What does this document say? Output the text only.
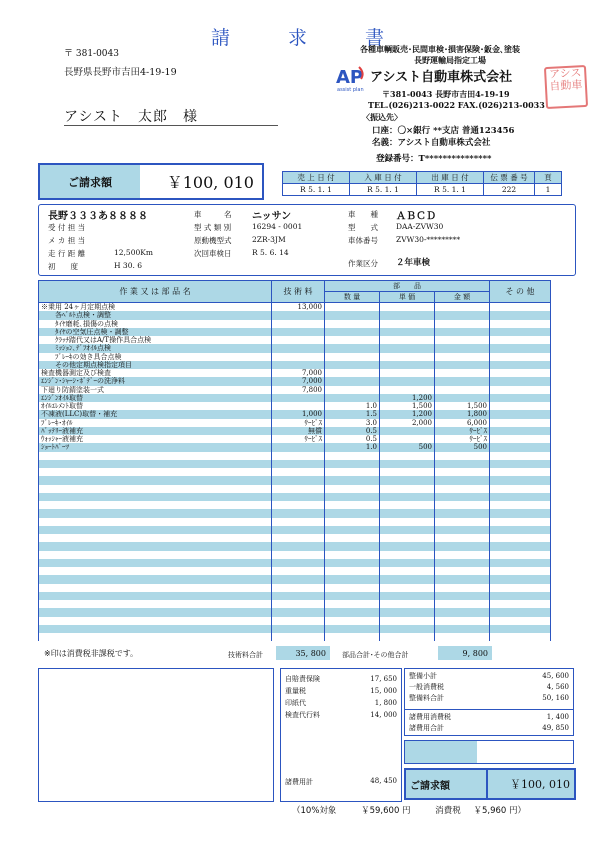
請	求	書
〒 381-0043
長野県長野市吉田4-19-19
アシスト　太郎　様
各種車輌販売･民間車検･損害保険･鈑金､塗装
長野運輸局指定工場
AP
assist plan
アシスト自動車株式会社
〒381-0043 長野市吉田4-19-19
TEL.(026)213-0022 FAX.(026)213-0033
〈振込先〉
口座：〇×銀行 **支店 普通123456
名義：アシスト自動車株式会社
登録番号：T***************
アシス自動車
ご請求額	￥100, 010	売 上 日 付	入 庫 日 付	出 庫 日 付	伝 票 番 号	頁
R 5. 1. 1	R 5. 1. 1	R 5. 1. 1	222	1
長野３３３あ８８８８
受 付 担 当
メ カ 担 当
走 行 距 離	12,500Km
初　　度	H 30. 6
車　　　名 ニッサン
型 式 類 別	16294 - 0001
原動機型式	2ZR-3JM
次回車検日	R 5. 6. 14
車　　種 ＡＢＣＤ
型　　式 DAA-ZVW30
車体番号 ZVW30-*********
作業区分 ２年車検
作 業 又 は 部 品 名	技 術 料	部　　品			そ の 他
		数 量	単 価	金 額	
※乗用 24ヶ月定期点検	13,000				
　　各ﾍﾞﾙﾄ点検・調整					
　　ﾀｲﾔ磨耗､損傷の点検					
　　ﾀｲﾔの空気圧点検・調整					
　　ｸﾗｯﾁ踏代又はA/T操作具合点検					
　　ﾐｯｼｮﾝ､ﾃﾞﾌｵｲﾙ点検					
　　ﾌﾞﾚｰｷの効き具合点検					
　　その他定期点検指定項目					
検査機器測定及び検査	7,000				
ｴﾝｼﾞﾝ･ｼｬｰｼ･ﾎﾞﾃﾞｰの洗浄料	7,000				
下廻り防錆塗装一式	7,800				
ｴﾝｼﾞﾝｵｲﾙ取替			1,200		
ｵｲﾙｴﾚﾒﾝﾄ取替		1.0	1,500	1,500	
不凍液(LLC)取替・補充	1,000	1.5	1,200	1,800	
ﾌﾞﾚｰｷ･ｵｲﾙ	ｻｰﾋﾞｽ	3.0	2,000	6,000	
ﾊﾞｯﾃﾘｰ液補充	無償	0.5		ｻｰﾋﾞｽ	
ｳｫｯｼｬｰ液補充	ｻｰﾋﾞｽ	0.5		ｻｰﾋﾞｽ	
ｼｮｰﾄﾊﾟｰﾂ		1.0	500	500	

※印は消費税非課税です。	技術料合計	35, 800	部品合計･その他合計	9, 800
自賠責保険	17, 650
重量税	15, 000
印紙代	1, 800
検査代行料	14, 000
諸費用計	48, 450
整備小計	45, 600
一般消費税	4, 560
整備料合計	50, 160
諸費用消費税	1, 400
諸費用合計	49, 850
ご請求額	￥100, 010
（10%対象	￥59,600 円	消費税 ￥5,960 円）
